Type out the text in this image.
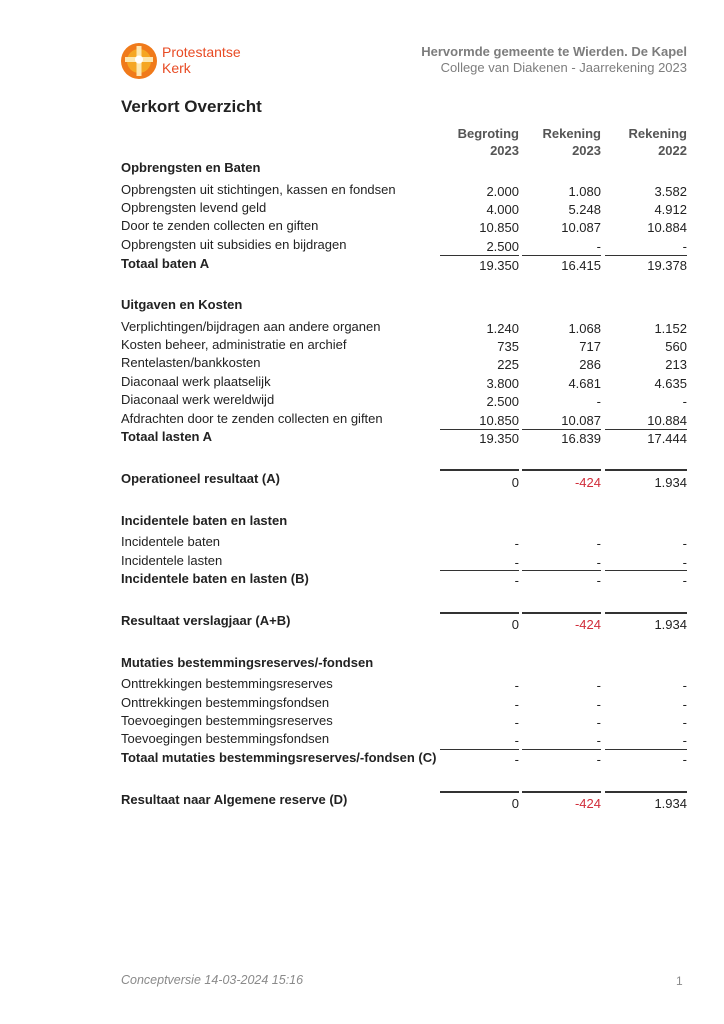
Protestantse
Kerk
Hervormde gemeente te Wierden. De Kapel
College van Diakenen - Jaarrekening 2023
Verkort Overzicht
Begroting
2023
Rekening
2023
Rekening
2022
Opbrengsten en Baten
Opbrengsten uit stichtingen, kassen en fondsen	2.000	1.080	3.582
Opbrengsten levend geld	4.000	5.248	4.912
Door te zenden collecten en giften	10.850	10.087	10.884
Opbrengsten uit subsidies en bijdragen	2.500	-	-
Totaal baten A	19.350	16.415	19.378
Uitgaven en Kosten
Verplichtingen/bijdragen aan andere organen	1.240	1.068	1.152
Kosten beheer, administratie en archief	735	717	560
Rentelasten/bankkosten	225	286	213
Diaconaal werk plaatselijk	3.800	4.681	4.635
Diaconaal werk wereldwijd	2.500	-	-
Afdrachten door te zenden collecten en giften	10.850	10.087	10.884
Totaal lasten A	19.350	16.839	17.444
Operationeel resultaat (A)	0	-424	1.934
Incidentele baten en lasten
Incidentele baten	-	-	-
Incidentele lasten	-	-	-
Incidentele baten en lasten (B)	-	-	-
Resultaat verslagjaar (A+B)	0	-424	1.934
Mutaties bestemmingsreserves/-fondsen
Onttrekkingen bestemmingsreserves	-	-	-
Onttrekkingen bestemmingsfondsen	-	-	-
Toevoegingen bestemmingsreserves	-	-	-
Toevoegingen bestemmingsfondsen	-	-	-
Totaal mutaties bestemmingsreserves/-fondsen (C)	-	-	-
Resultaat naar Algemene reserve (D)	0	-424	1.934
Conceptversie 14-03-2024 15:16	1
